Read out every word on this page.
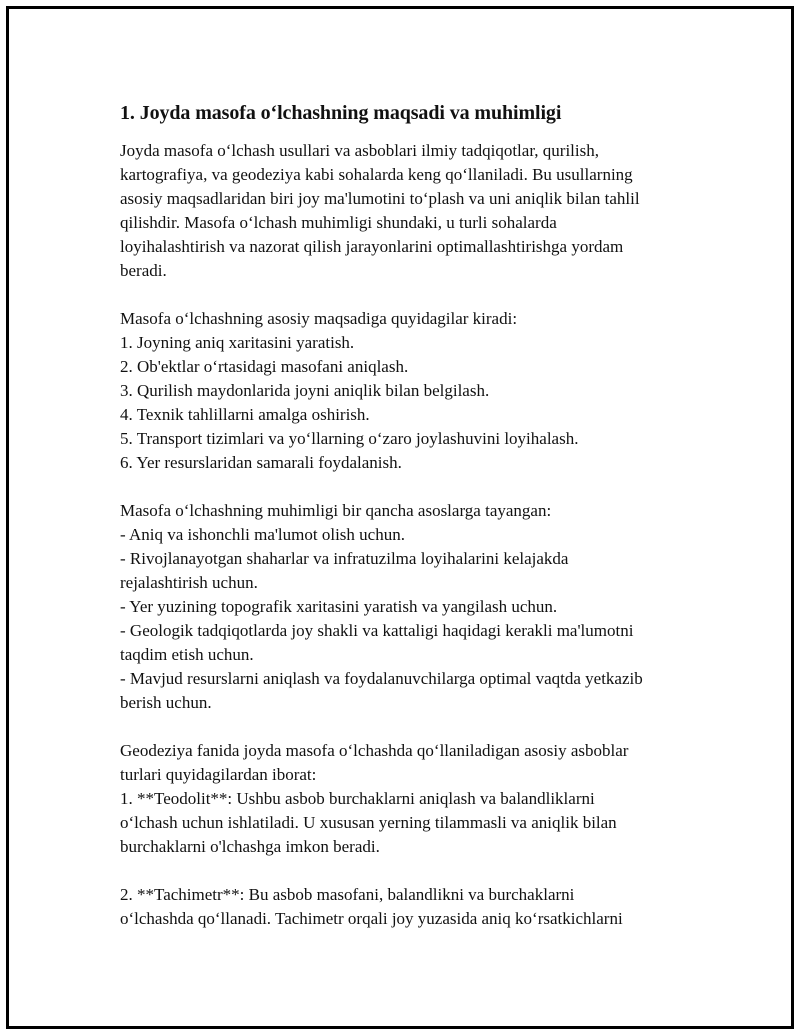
1. Joyda masofa o‘lchashning maqsadi va muhimligi

Joyda masofa o‘lchash usullari va asboblari ilmiy tadqiqotlar, qurilish,
kartografiya, va geodeziya kabi sohalarda keng qo‘llaniladi. Bu usullarning
asosiy maqsadlaridan biri joy ma'lumotini to‘plash va uni aniqlik bilan tahlil
qilishdir. Masofa o‘lchash muhimligi shundaki, u turli sohalarda
loyihalashtirish va nazorat qilish jarayonlarini optimallashtirishga yordam
beradi.

Masofa o‘lchashning asosiy maqsadiga quyidagilar kiradi:
1. Joyning aniq xaritasini yaratish.
2. Ob'ektlar o‘rtasidagi masofani aniqlash.
3. Qurilish maydonlarida joyni aniqlik bilan belgilash.
4. Texnik tahlillarni amalga oshirish.
5. Transport tizimlari va yo‘llarning o‘zaro joylashuvini loyihalash.
6. Yer resurslaridan samarali foydalanish.

Masofa o‘lchashning muhimligi bir qancha asoslarga tayangan:
- Aniq va ishonchli ma'lumot olish uchun.
- Rivojlanayotgan shaharlar va infratuzilma loyihalarini kelajakda
rejalashtirish uchun.
- Yer yuzining topografik xaritasini yaratish va yangilash uchun.
- Geologik tadqiqotlarda joy shakli va kattaligi haqidagi kerakli ma'lumotni
taqdim etish uchun.
- Mavjud resurslarni aniqlash va foydalanuvchilarga optimal vaqtda yetkazib
berish uchun.

Geodeziya fanida joyda masofa o‘lchashda qo‘llaniladigan asosiy asboblar
turlari quyidagilardan iborat:
1. **Teodolit**: Ushbu asbob burchaklarni aniqlash va balandliklarni
o‘lchash uchun ishlatiladi. U xususan yerning tilammasli va aniqlik bilan
burchaklarni o'lchashga imkon beradi.

2. **Tachimetr**: Bu asbob masofani, balandlikni va burchaklarni
o‘lchashda qo‘llanadi. Tachimetr orqali joy yuzasida aniq ko‘rsatkichlarni
